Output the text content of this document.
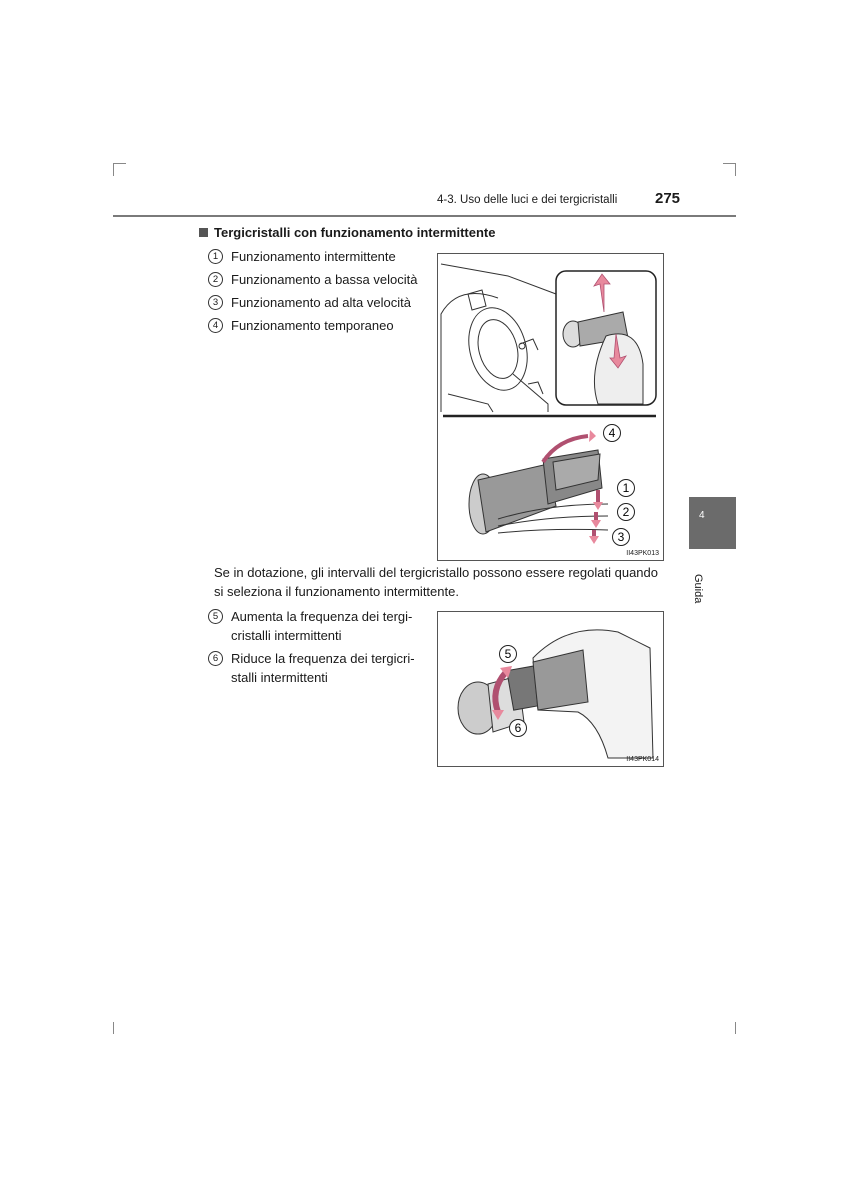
4-3. Uso delle luci e dei tergicristalli	275
Tergicristalli con funzionamento intermittente
1 Funzionamento intermittente
2 Funzionamento a bassa velocità
3 Funzionamento ad alta velocità
4 Funzionamento temporaneo
4
1
2
3
II43PK013

Se in dotazione, gli intervalli del tergicristallo possono essere regolati quando si seleziona il funzionamento intermittente.

5 Aumenta la frequenza dei tergi-
cristalli intermittenti
6 Riduce la frequenza dei tergicri-
stalli intermittenti
5
6
II43PK014
4
Guida
